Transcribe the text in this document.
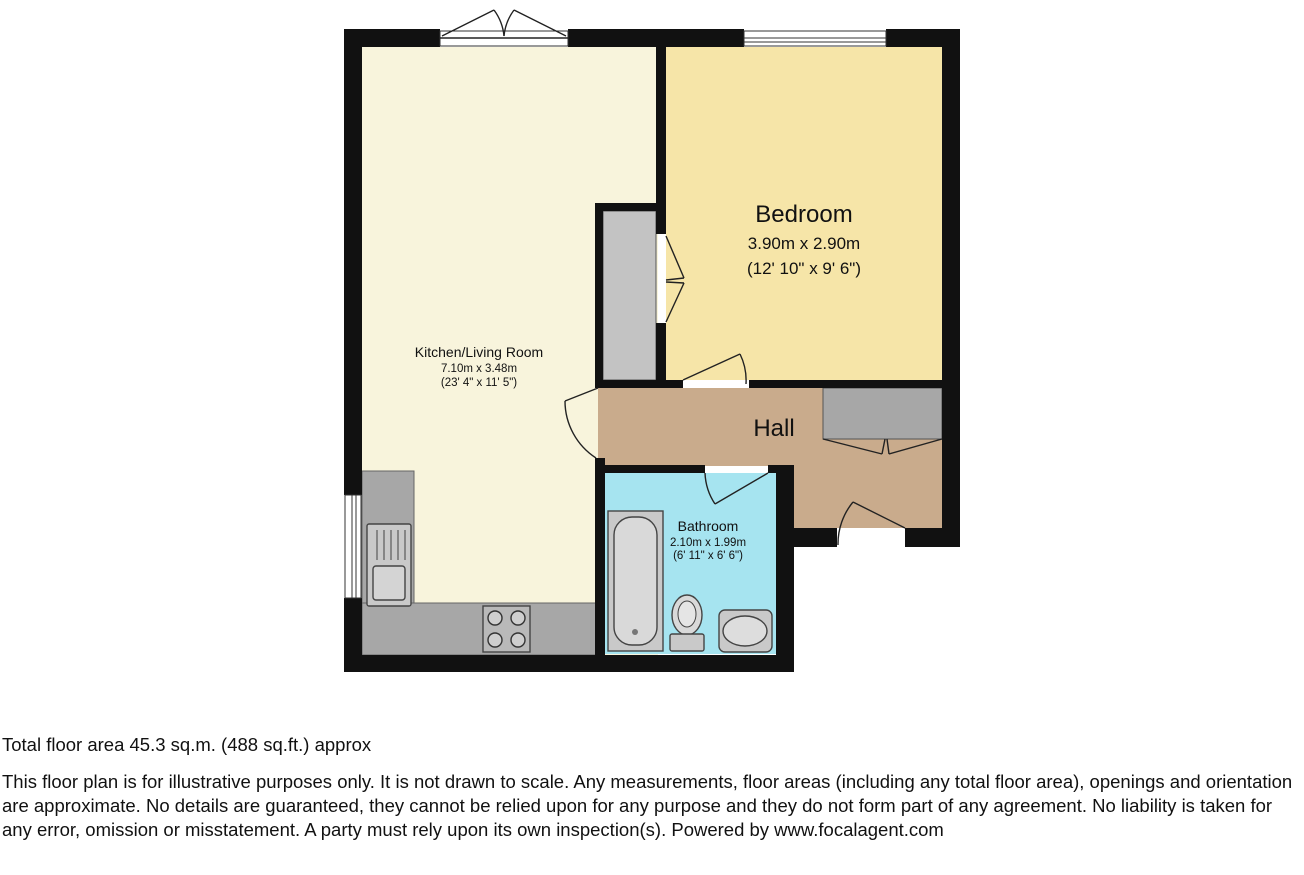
Kitchen/Living Room
7.10m x 3.48m
(23' 4" x 11' 5")
Bedroom
3.90m x 2.90m
(12' 10" x 9' 6")
Hall
Bathroom
2.10m x 1.99m
(6' 11" x 6' 6")
Total floor area 45.3 sq.m. (488 sq.ft.) approx
This floor plan is for illustrative purposes only. It is not drawn to scale. Any measurements, floor areas (including any total floor area), openings and orientation are approximate. No details are guaranteed, they cannot be relied upon for any purpose and they do not form part of any agreement. No liability is taken for any error, omission or misstatement. A party must rely upon its own inspection(s). Powered by www.focalagent.com
